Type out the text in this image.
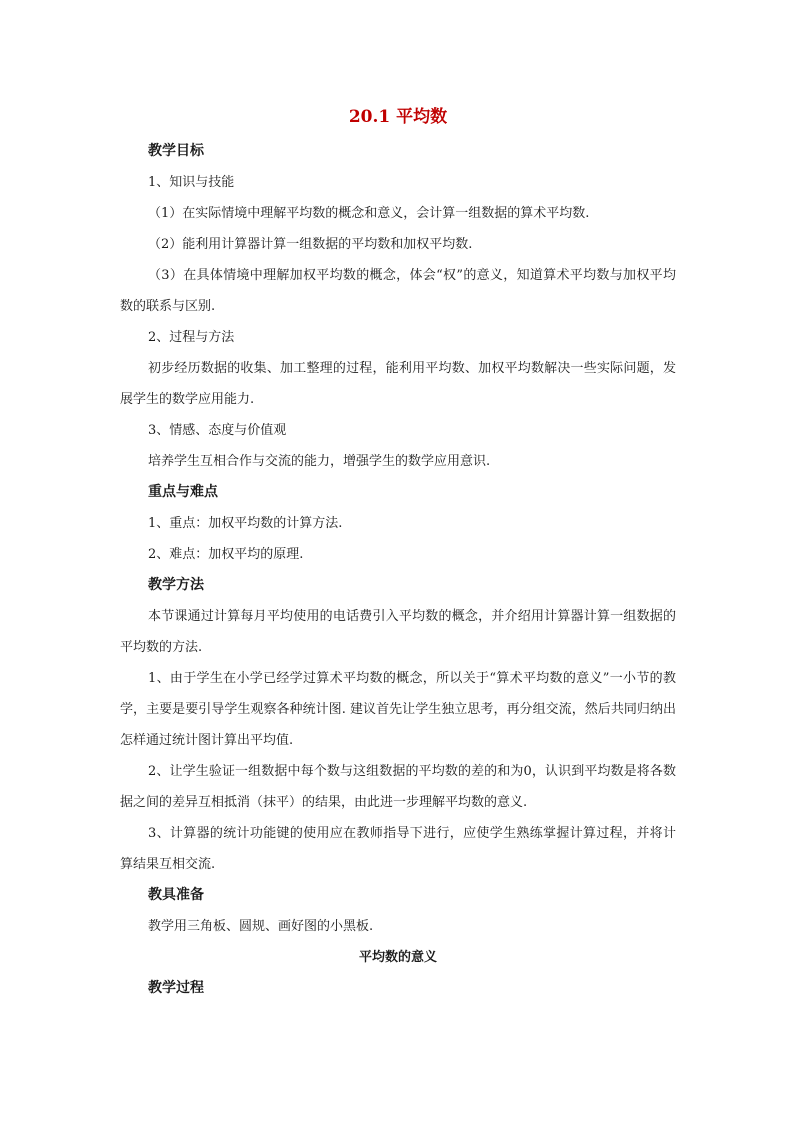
20.1 平均数
教学目标
1、知识与技能
（1）在实际情境中理解平均数的概念和意义，会计算一组数据的算术平均数.
（2）能利用计算器计算一组数据的平均数和加权平均数.
（3）在具体情境中理解加权平均数的概念，体会“权”的意义，知道算术平均数与加权平均数的联系与区别.
2、过程与方法
初步经历数据的收集、加工整理的过程，能利用平均数、加权平均数解决一些实际问题，发展学生的数学应用能力.
3、情感、态度与价值观
培养学生互相合作与交流的能力，增强学生的数学应用意识.
重点与难点
1、重点：加权平均数的计算方法.
2、难点：加权平均的原理.
教学方法
本节课通过计算每月平均使用的电话费引入平均数的概念，并介绍用计算器计算一组数据的平均数的方法.
1、由于学生在小学已经学过算术平均数的概念，所以关于“算术平均数的意义”一小节的教学，主要是要引导学生观察各种统计图. 建议首先让学生独立思考，再分组交流，然后共同归纳出怎样通过统计图计算出平均值.
2、让学生验证一组数据中每个数与这组数据的平均数的差的和为0，认识到平均数是将各数据之间的差异互相抵消（抹平）的结果，由此进一步理解平均数的意义.
3、计算器的统计功能键的使用应在教师指导下进行，应使学生熟练掌握计算过程，并将计算结果互相交流.
教具准备
教学用三角板、圆规、画好图的小黑板.
平均数的意义
教学过程
